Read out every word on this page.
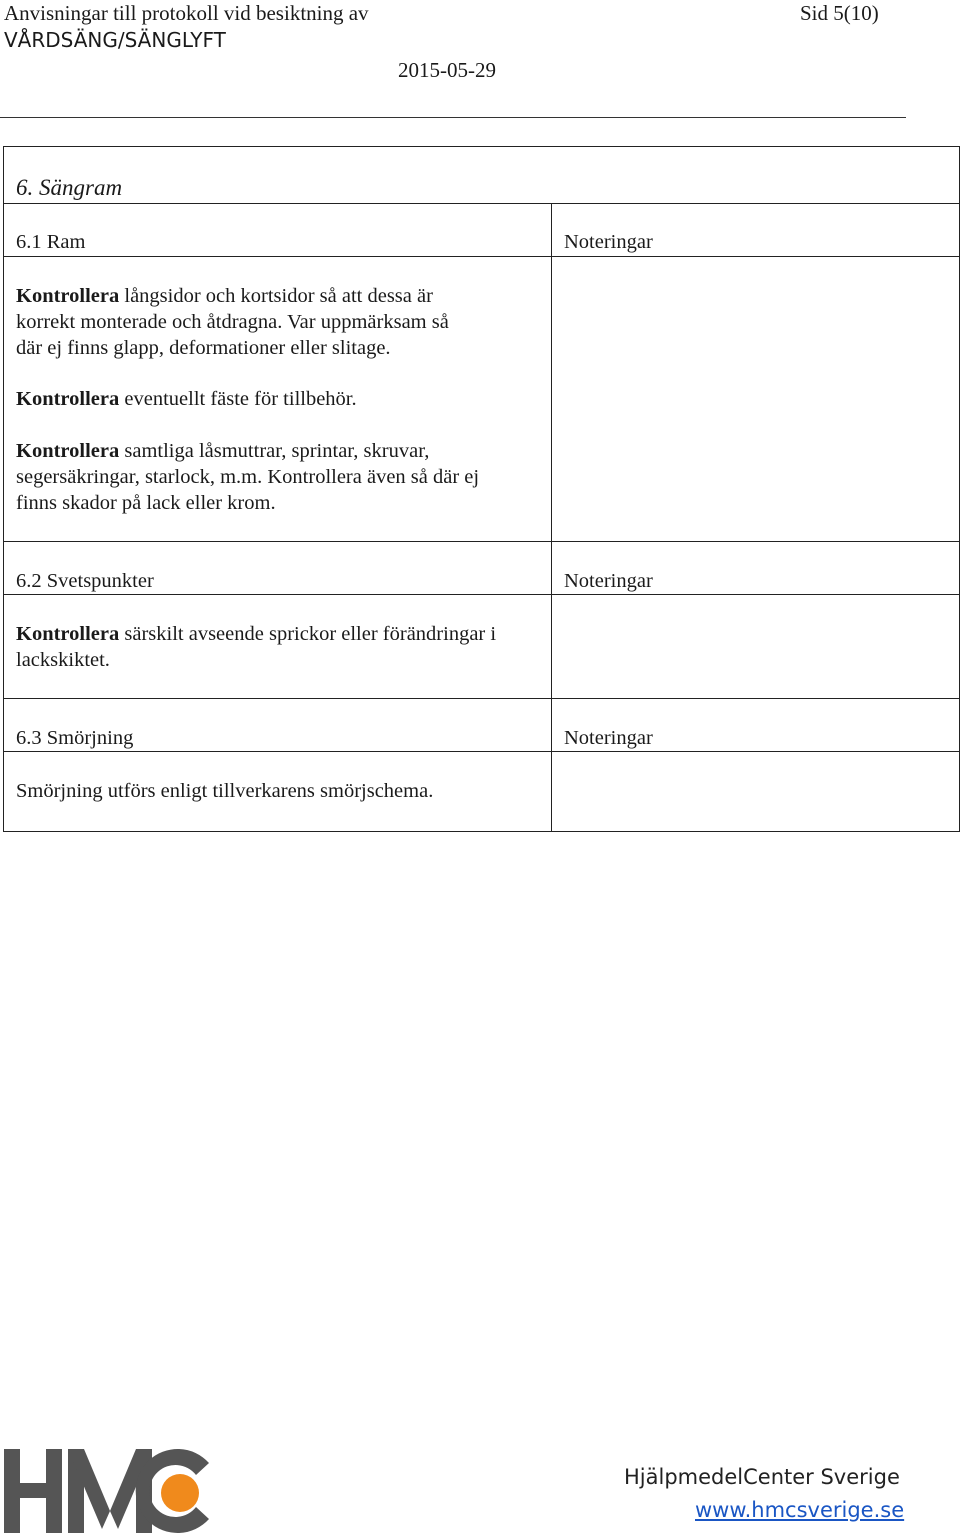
Anvisningar till protokoll vid besiktning av
VÅRDSÄNG/SÄNGLYFT
Sid 5(10)
2015-05-29
6. Sängram
6.1 Ram	Noteringar
Kontrollera långsidor och kortsidor så att dessa är
korrekt monterade och åtdragna. Var uppmärksam så
där ej finns glapp, deformationer eller slitage.
Kontrollera eventuellt fäste för tillbehör.
Kontrollera samtliga låsmuttrar, sprintar, skruvar,
segersäkringar, starlock, m.m. Kontrollera även så där ej
finns skador på lack eller krom.
6.2 Svetspunkter	Noteringar
Kontrollera särskilt avseende sprickor eller förändringar i
lackskiktet.
6.3 Smörjning	Noteringar
Smörjning utförs enligt tillverkarens smörjschema.
HjälpmedelCenter Sverige
www.hmcsverige.se
